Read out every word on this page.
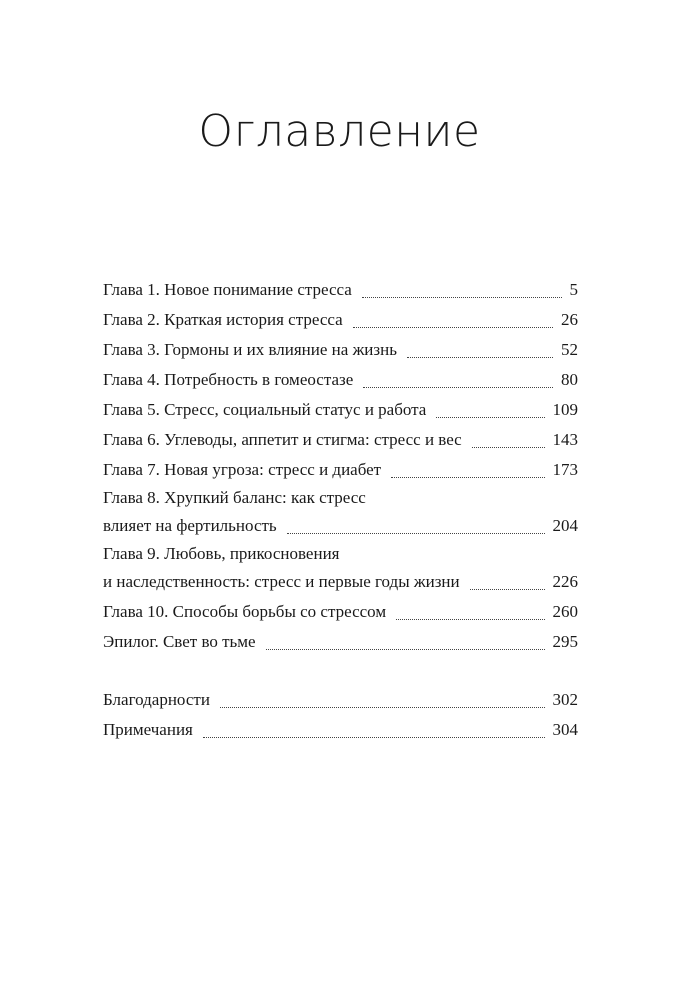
Оглавление
Глава 1. Новое понимание стресса	5
Глава 2. Краткая история стресса	26
Глава 3. Гормоны и их влияние на жизнь	52
Глава 4. Потребность в гомеостазе	80
Глава 5. Стресс, социальный статус и работа	109
Глава 6. Углеводы, аппетит и стигма: стресс и вес	143
Глава 7. Новая угроза: стресс и диабет	173
Глава 8. Хрупкий баланс: как стресс
влияет на фертильность	204
Глава 9. Любовь, прикосновения
и наследственность: стресс и первые годы жизни	226
Глава 10. Способы борьбы со стрессом	260
Эпилог. Свет во тьме	295
Благодарности	302
Примечания	304
